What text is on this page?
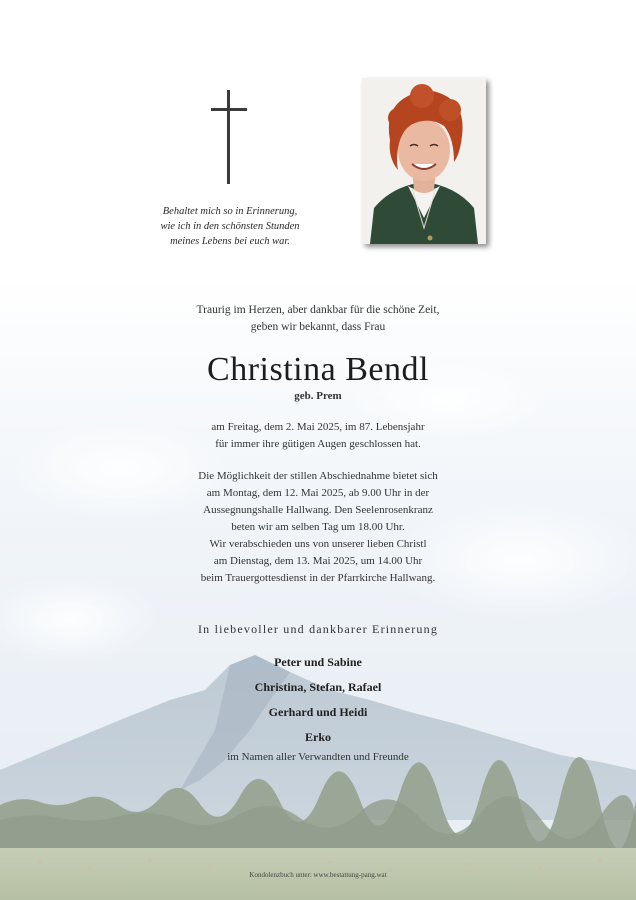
Behaltet mich so in Erinnerung,
wie ich in den schönsten Stunden
meines Lebens bei euch war.
Traurig im Herzen, aber dankbar für die schöne Zeit,
geben wir bekannt, dass Frau
Christina Bendl
geb. Prem
am Freitag, dem 2. Mai 2025, im 87. Lebensjahr
für immer ihre gütigen Augen geschlossen hat.
Die Möglichkeit der stillen Abschiednahme bietet sich
am Montag, dem 12. Mai 2025, ab 9.00 Uhr in der
Aussegnungshalle Hallwang. Den Seelenrosenkranz
beten wir am selben Tag um 18.00 Uhr.
Wir verabschieden uns von unserer lieben Christl
am Dienstag, dem 13. Mai 2025, um 14.00 Uhr
beim Trauergottesdienst in der Pfarrkirche Hallwang.
In liebevoller und dankbarer Erinnerung
Peter und Sabine
Christina, Stefan, Rafael
Gerhard und Heidi
Erko
im Namen aller Verwandten und Freunde
Kondolenzbuch unter: www.bestattung-pang.wat
